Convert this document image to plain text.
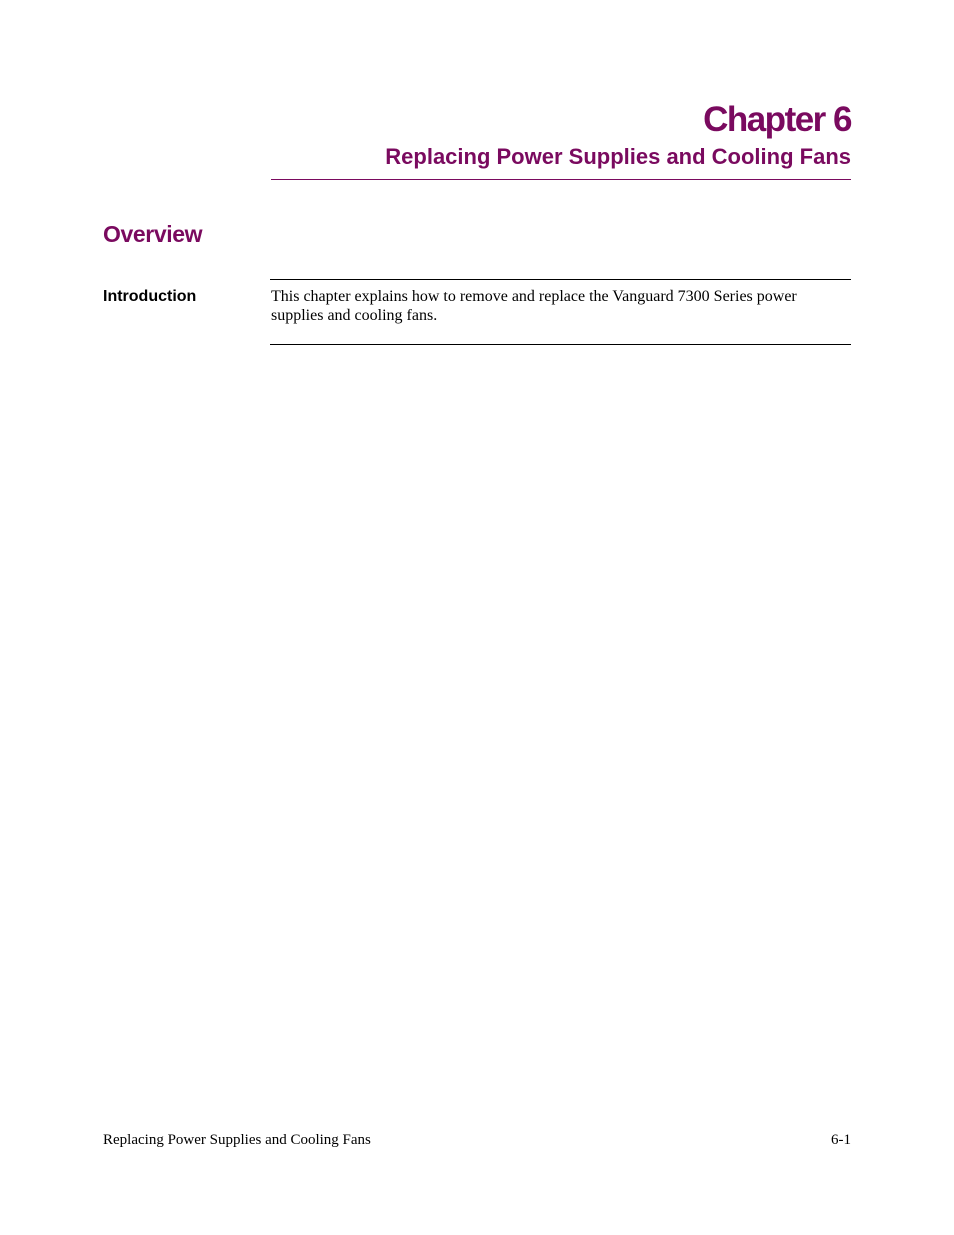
Chapter 6
Replacing Power Supplies and Cooling Fans
Overview
Introduction	This chapter explains how to remove and replace the Vanguard 7300 Series power supplies and cooling fans.
Replacing Power Supplies and Cooling Fans	6-1
